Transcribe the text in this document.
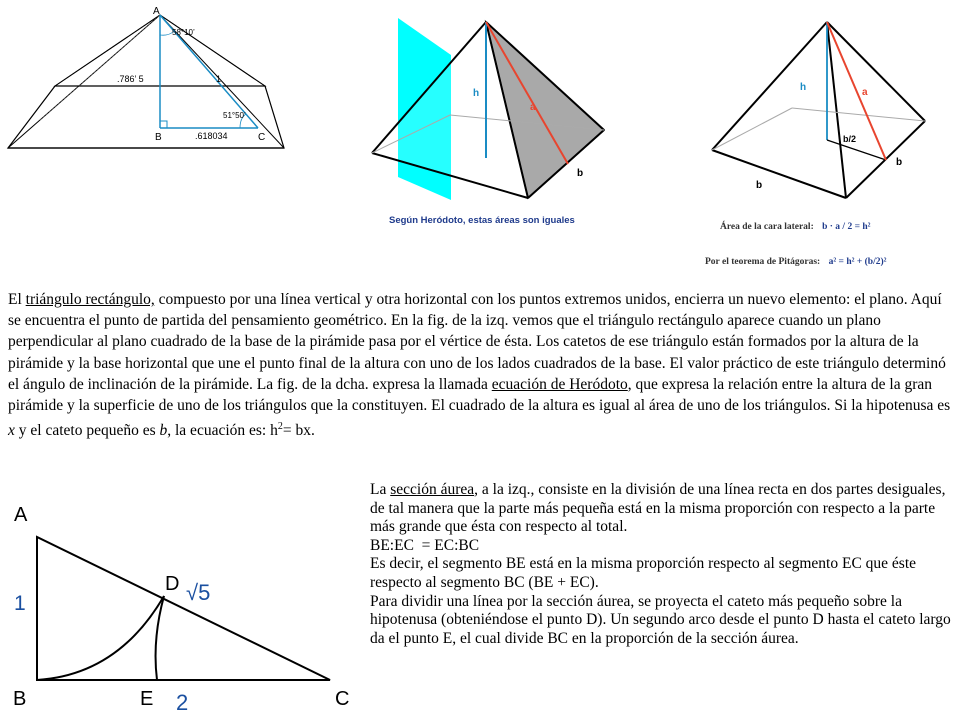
A
58°10’
.786’ 5	1
51°50’
B	.618034	C
h
a
b
Según Heródoto, estas áreas son iguales
h	a
b/2
b
b
Área de la cara lateral: b · a / 2 = h²
Por el teorema de Pitágoras: a² = h² + (b/2)²
El triángulo rectángulo, compuesto por una línea vertical y otra horizontal con los puntos extremos unidos, encierra un nuevo elemento: el plano. Aquí se encuentra el punto de partida del pensamiento geométrico. En la fig. de la izq. vemos que el triángulo rectángulo aparece cuando un plano perpendicular al plano cuadrado de la base de la pirámide pasa por el vértice de ésta. Los catetos de ese triángulo están formados por la altura de la pirámide y la base horizontal que une el punto final de la altura con uno de los lados cuadrados de la base. El valor práctico de este triángulo determinó el ángulo de inclinación de la pirámide. La fig. de la dcha. expresa la llamada ecuación de Heródoto, que expresa la relación entre la altura de la gran pirámide y la superficie de uno de los triángulos que la constituyen. El cuadrado de la altura es igual al área de uno de los triángulos. Si la hipotenusa es x y el cateto pequeño es b, la ecuación es: $h^2=$ bx.
A
1
D √5
B	E 2	C
La sección áurea, a la izq., consiste en la división de una línea recta en dos partes desiguales, de tal manera que la parte más pequeña está en la misma proporción con respecto a la parte más grande que ésta con respecto al total.
BE:EC  = EC:BC
Es decir, el segmento BE está en la misma proporción respecto al segmento EC que éste respecto al segmento BC (BE + EC).
Para dividir una línea por la sección áurea, se proyecta el cateto más pequeño sobre la hipotenusa (obteniéndose el punto D). Un segundo arco desde el punto D hasta el cateto largo da el punto E, el cual divide BC en la proporción de la sección áurea.
